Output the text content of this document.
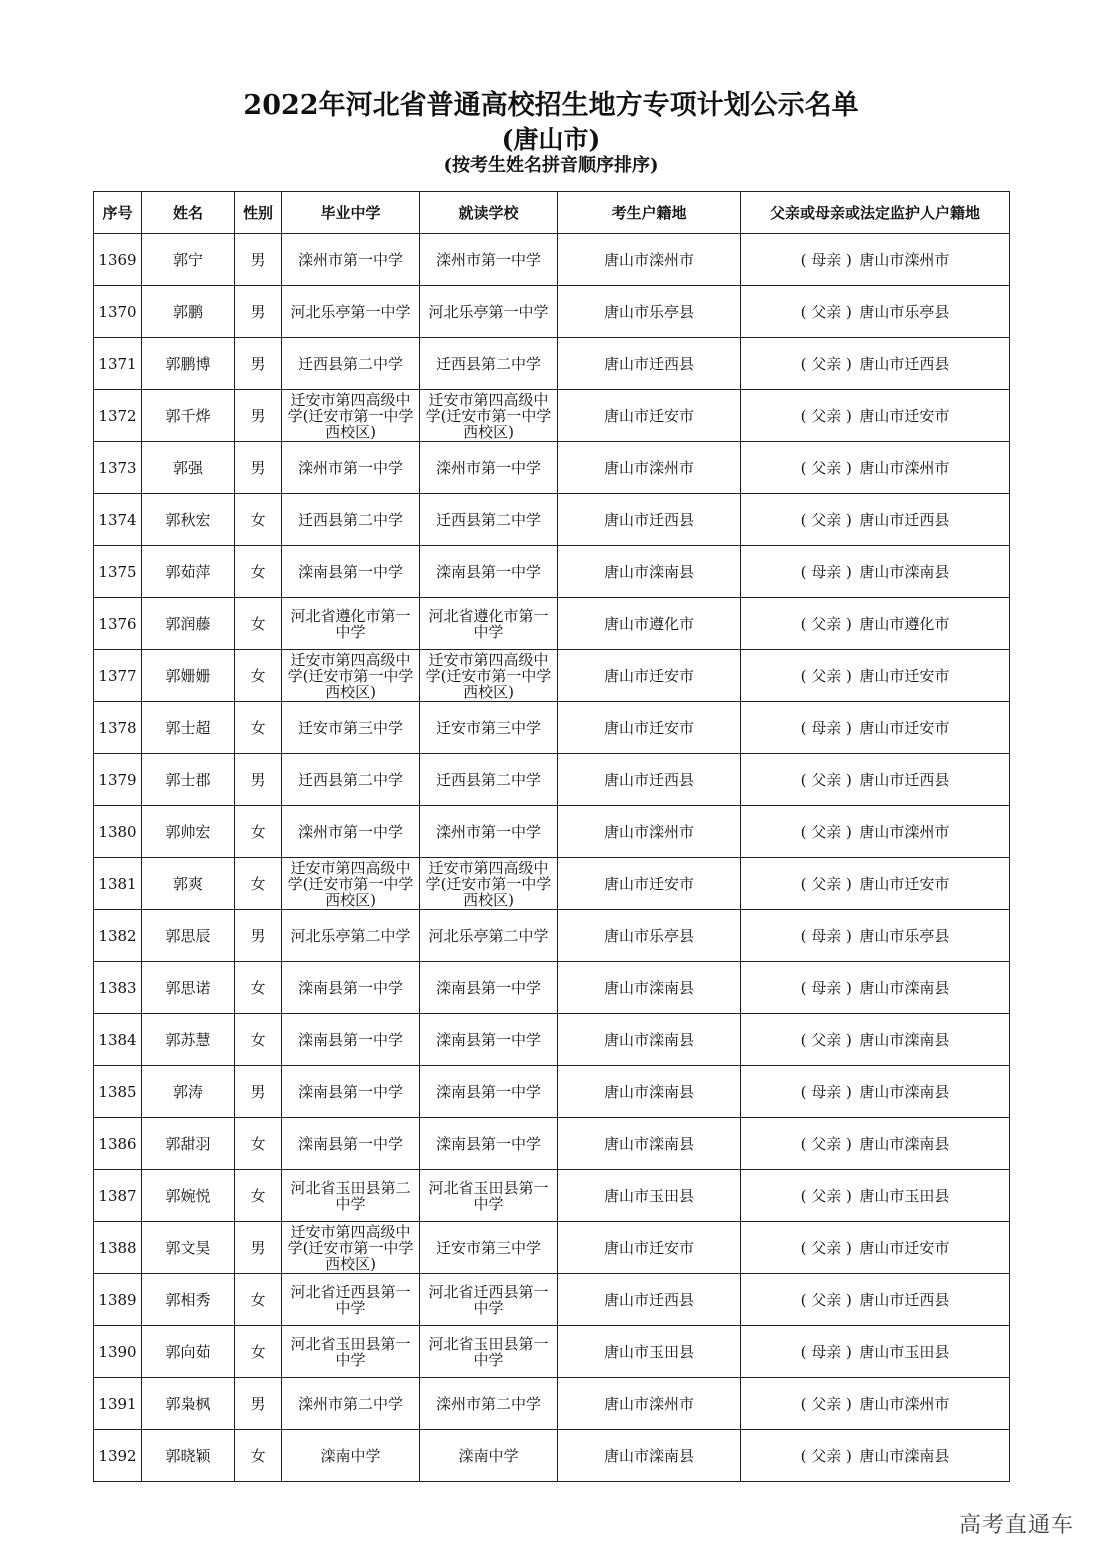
2022年河北省普通高校招生地方专项计划公示名单
(唐山市)
(按考生姓名拼音顺序排序)
序号	姓名	性别	毕业中学	就读学校	考生户籍地	父亲或母亲或法定监护人户籍地
1369	郭宁	男	滦州市第一中学	滦州市第一中学	唐山市滦州市	( 母亲 ) 唐山市滦州市
1370	郭鹏	男	河北乐亭第一中学	河北乐亭第一中学	唐山市乐亭县	( 父亲 ) 唐山市乐亭县
1371	郭鹏博	男	迁西县第二中学	迁西县第二中学	唐山市迁西县	( 父亲 ) 唐山市迁西县
1372	郭千烨	男	迁安市第四高级中学(迁安市第一中学西校区)	迁安市第四高级中学(迁安市第一中学西校区)	唐山市迁安市	( 父亲 ) 唐山市迁安市
1373	郭强	男	滦州市第一中学	滦州市第一中学	唐山市滦州市	( 父亲 ) 唐山市滦州市
1374	郭秋宏	女	迁西县第二中学	迁西县第二中学	唐山市迁西县	( 父亲 ) 唐山市迁西县
1375	郭茹萍	女	滦南县第一中学	滦南县第一中学	唐山市滦南县	( 母亲 ) 唐山市滦南县
1376	郭润藤	女	河北省遵化市第一中学	河北省遵化市第一中学	唐山市遵化市	( 父亲 ) 唐山市遵化市
1377	郭姗姗	女	迁安市第四高级中学(迁安市第一中学西校区)	迁安市第四高级中学(迁安市第一中学西校区)	唐山市迁安市	( 父亲 ) 唐山市迁安市
1378	郭士超	女	迁安市第三中学	迁安市第三中学	唐山市迁安市	( 母亲 ) 唐山市迁安市
1379	郭士郡	男	迁西县第二中学	迁西县第二中学	唐山市迁西县	( 父亲 ) 唐山市迁西县
1380	郭帅宏	女	滦州市第一中学	滦州市第一中学	唐山市滦州市	( 父亲 ) 唐山市滦州市
1381	郭爽	女	迁安市第四高级中学(迁安市第一中学西校区)	迁安市第四高级中学(迁安市第一中学西校区)	唐山市迁安市	( 父亲 ) 唐山市迁安市
1382	郭思辰	男	河北乐亭第二中学	河北乐亭第二中学	唐山市乐亭县	( 母亲 ) 唐山市乐亭县
1383	郭思诺	女	滦南县第一中学	滦南县第一中学	唐山市滦南县	( 母亲 ) 唐山市滦南县
1384	郭苏慧	女	滦南县第一中学	滦南县第一中学	唐山市滦南县	( 父亲 ) 唐山市滦南县
1385	郭涛	男	滦南县第一中学	滦南县第一中学	唐山市滦南县	( 母亲 ) 唐山市滦南县
1386	郭甜羽	女	滦南县第一中学	滦南县第一中学	唐山市滦南县	( 父亲 ) 唐山市滦南县
1387	郭婉悦	女	河北省玉田县第二中学	河北省玉田县第一中学	唐山市玉田县	( 父亲 ) 唐山市玉田县
1388	郭文昊	男	迁安市第四高级中学(迁安市第一中学西校区)	迁安市第三中学	唐山市迁安市	( 父亲 ) 唐山市迁安市
1389	郭相秀	女	河北省迁西县第一中学	河北省迁西县第一中学	唐山市迁西县	( 父亲 ) 唐山市迁西县
1390	郭向茹	女	河北省玉田县第一中学	河北省玉田县第一中学	唐山市玉田县	( 母亲 ) 唐山市玉田县
1391	郭枭枫	男	滦州市第二中学	滦州市第二中学	唐山市滦州市	( 父亲 ) 唐山市滦州市
1392	郭晓颖	女	滦南中学	滦南中学	唐山市滦南县	( 父亲 ) 唐山市滦南县
高考直通车
